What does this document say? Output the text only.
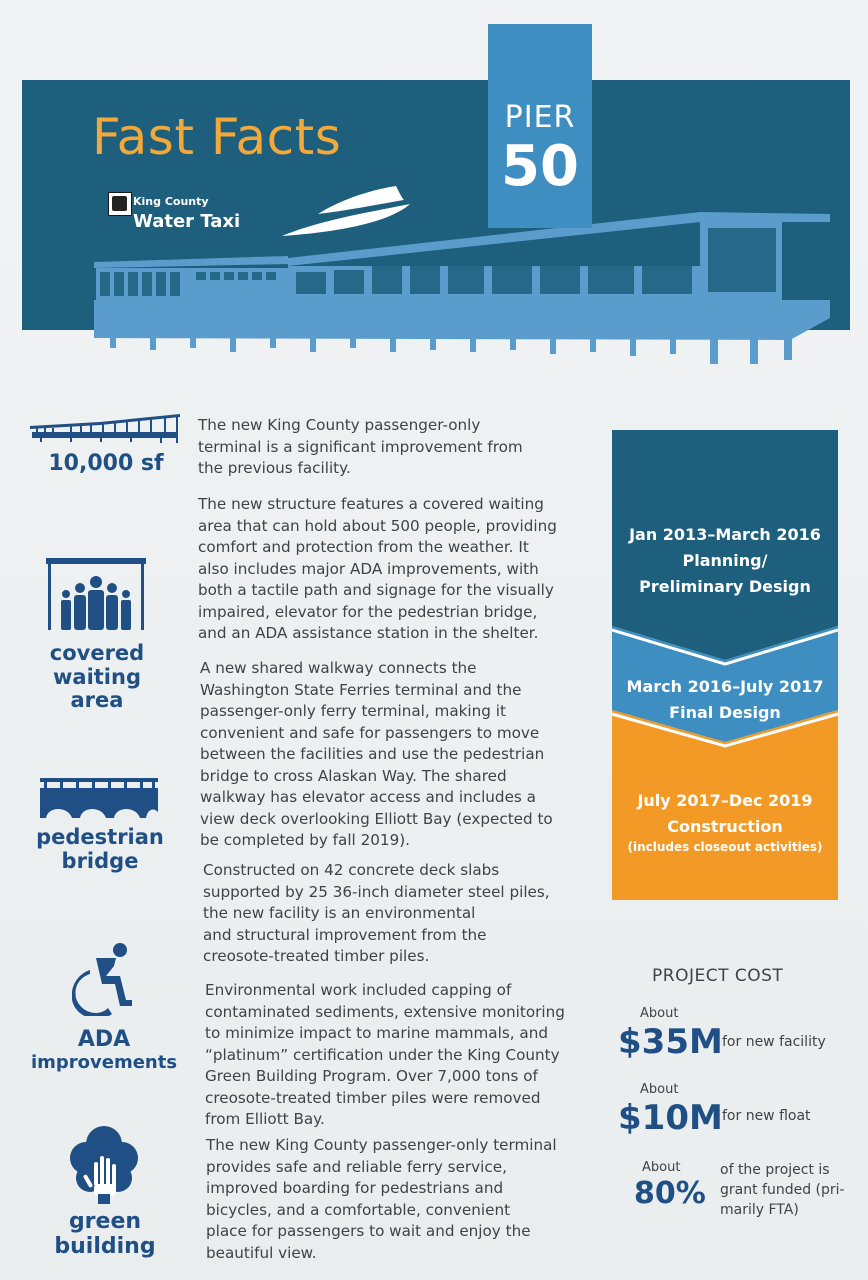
Fast Facts	PIER
50
King County
Water Taxi
10,000 sf
covered
waiting
area
pedestrian
bridge
ADA
improvements
green
building
The new King County passenger-only
terminal is a significant improvement from
the previous facility.
The new structure features a covered waiting
area that can hold about 500 people, providing
comfort and protection from the weather. It
also includes major ADA improvements, with
both a tactile path and signage for the visually
impaired, elevator for the pedestrian bridge,
and an ADA assistance station in the shelter.
A new shared walkway connects the
Washington State Ferries terminal and the
passenger-only ferry terminal, making it
convenient and safe for passengers to move
between the facilities and use the pedestrian
bridge to cross Alaskan Way. The shared
walkway has elevator access and includes a
view deck overlooking Elliott Bay (expected to
be completed by fall 2019).
Constructed on 42 concrete deck slabs
supported by 25 36-inch diameter steel piles,
the new facility is an environmental
and structural improvement from the
creosote-treated timber piles.
Environmental work included capping of
contaminated sediments, extensive monitoring
to minimize impact to marine mammals, and
“platinum” certification under the King County
Green Building Program. Over 7,000 tons of
creosote-treated timber piles were removed
from Elliott Bay.
The new King County passenger-only terminal
provides safe and reliable ferry service,
improved boarding for pedestrians and
bicycles, and a comfortable, convenient
place for passengers to wait and enjoy the
beautiful view.
Jan 2013–March 2016
Planning/
Preliminary Design
March 2016–July 2017
Final Design
July 2017–Dec 2019
Construction
(includes closeout activities)
PROJECT COST
About
$35M for new facility
About
$10M for new float
About
80%
of the project is
grant funded (pri-
marily FTA)
